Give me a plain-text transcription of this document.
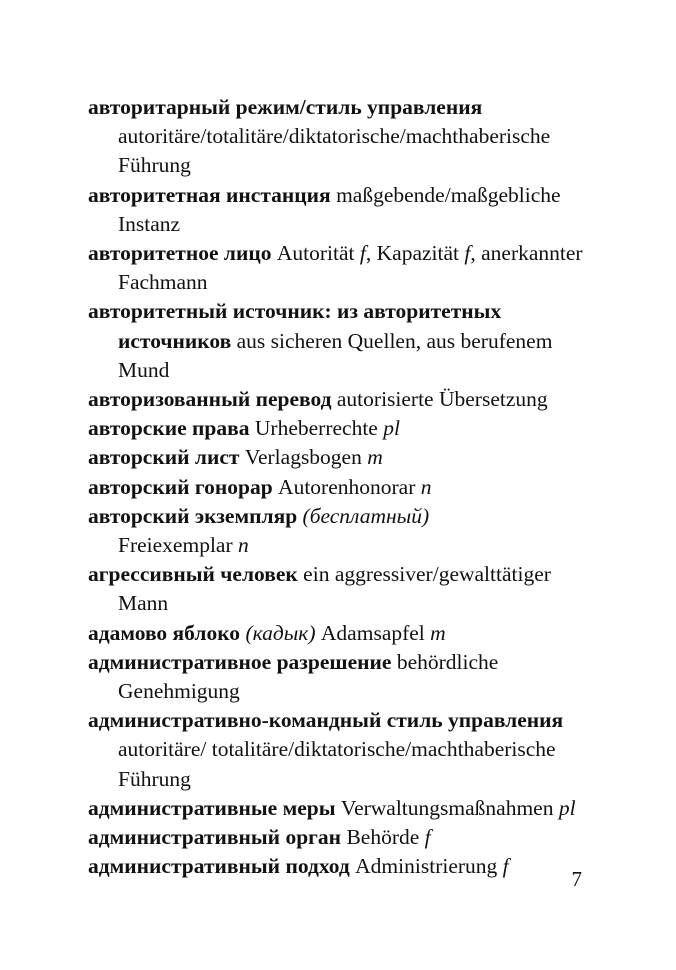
авторитарный режим/стиль управления autoritäre/totalitäre/diktatorische/machthaberische Führung

авторитетная инстанция maßgebende/maßgebliche Instanz

авторитетное лицо Autorität f, Kapazität f, anerkannter Fachmann

авторитетный источник: из авторитетных источников aus sicheren Quellen, aus berufenem Mund

авторизованный перевод autorisierte Übersetzung

авторские права Urheberrechte pl

авторский лист Verlagsbogen m

авторский гонорар Autorenhonorar n

авторский экземпляр (бесплатный)
Freiexemplar n

агрессивный человек ein aggressiver/gewalttätiger Mann

адамово яблоко (кадык) Adamsapfel m

административное разрешение behördliche Genehmigung

административно-командный стиль управления autoritäre/ totalitäre/diktatorische/machthaberische Führung

административные меры Verwaltungsmaßnahmen pl

административный орган Behörde f

административный подход Administrierung f

7
